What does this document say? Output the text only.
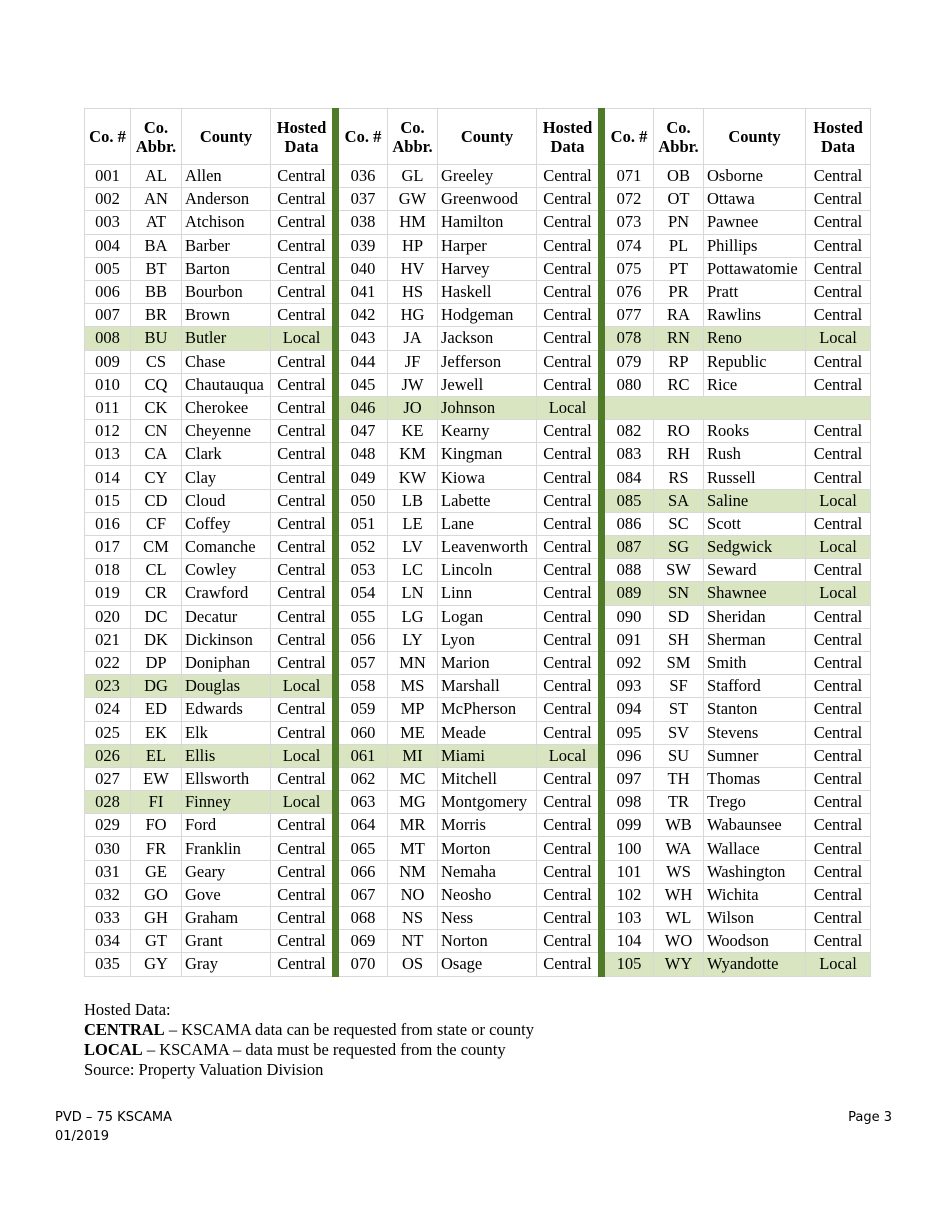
Co. #	Co. Abbr.	County	Hosted Data	Co. #	Co. Abbr.	County	Hosted Data	Co. #	Co. Abbr.	County	Hosted Data
001	AL	Allen	Central	036	GL	Greeley	Central	071	OB	Osborne	Central
002	AN	Anderson	Central	037	GW	Greenwood	Central	072	OT	Ottawa	Central
003	AT	Atchison	Central	038	HM	Hamilton	Central	073	PN	Pawnee	Central
004	BA	Barber	Central	039	HP	Harper	Central	074	PL	Phillips	Central
005	BT	Barton	Central	040	HV	Harvey	Central	075	PT	Pottawatomie	Central
006	BB	Bourbon	Central	041	HS	Haskell	Central	076	PR	Pratt	Central
007	BR	Brown	Central	042	HG	Hodgeman	Central	077	RA	Rawlins	Central
008	BU	Butler	Local	043	JA	Jackson	Central	078	RN	Reno	Local
009	CS	Chase	Central	044	JF	Jefferson	Central	079	RP	Republic	Central
010	CQ	Chautauqua	Central	045	JW	Jewell	Central	080	RC	Rice	Central
011	CK	Cherokee	Central	046	JO	Johnson	Local				
012	CN	Cheyenne	Central	047	KE	Kearny	Central	082	RO	Rooks	Central
013	CA	Clark	Central	048	KM	Kingman	Central	083	RH	Rush	Central
014	CY	Clay	Central	049	KW	Kiowa	Central	084	RS	Russell	Central
015	CD	Cloud	Central	050	LB	Labette	Central	085	SA	Saline	Local
016	CF	Coffey	Central	051	LE	Lane	Central	086	SC	Scott	Central
017	CM	Comanche	Central	052	LV	Leavenworth	Central	087	SG	Sedgwick	Local
018	CL	Cowley	Central	053	LC	Lincoln	Central	088	SW	Seward	Central
019	CR	Crawford	Central	054	LN	Linn	Central	089	SN	Shawnee	Local
020	DC	Decatur	Central	055	LG	Logan	Central	090	SD	Sheridan	Central
021	DK	Dickinson	Central	056	LY	Lyon	Central	091	SH	Sherman	Central
022	DP	Doniphan	Central	057	MN	Marion	Central	092	SM	Smith	Central
023	DG	Douglas	Local	058	MS	Marshall	Central	093	SF	Stafford	Central
024	ED	Edwards	Central	059	MP	McPherson	Central	094	ST	Stanton	Central
025	EK	Elk	Central	060	ME	Meade	Central	095	SV	Stevens	Central
026	EL	Ellis	Local	061	MI	Miami	Local	096	SU	Sumner	Central
027	EW	Ellsworth	Central	062	MC	Mitchell	Central	097	TH	Thomas	Central
028	FI	Finney	Local	063	MG	Montgomery	Central	098	TR	Trego	Central
029	FO	Ford	Central	064	MR	Morris	Central	099	WB	Wabaunsee	Central
030	FR	Franklin	Central	065	MT	Morton	Central	100	WA	Wallace	Central
031	GE	Geary	Central	066	NM	Nemaha	Central	101	WS	Washington	Central
032	GO	Gove	Central	067	NO	Neosho	Central	102	WH	Wichita	Central
033	GH	Graham	Central	068	NS	Ness	Central	103	WL	Wilson	Central
034	GT	Grant	Central	069	NT	Norton	Central	104	WO	Woodson	Central
035	GY	Gray	Central	070	OS	Osage	Central	105	WY	Wyandotte	Local
Hosted Data:
CENTRAL – KSCAMA data can be requested from state or county
LOCAL – KSCAMA – data must be requested from the county
Source: Property Valuation Division
PVD – 75 KSCAMA
01/2019
Page 3
